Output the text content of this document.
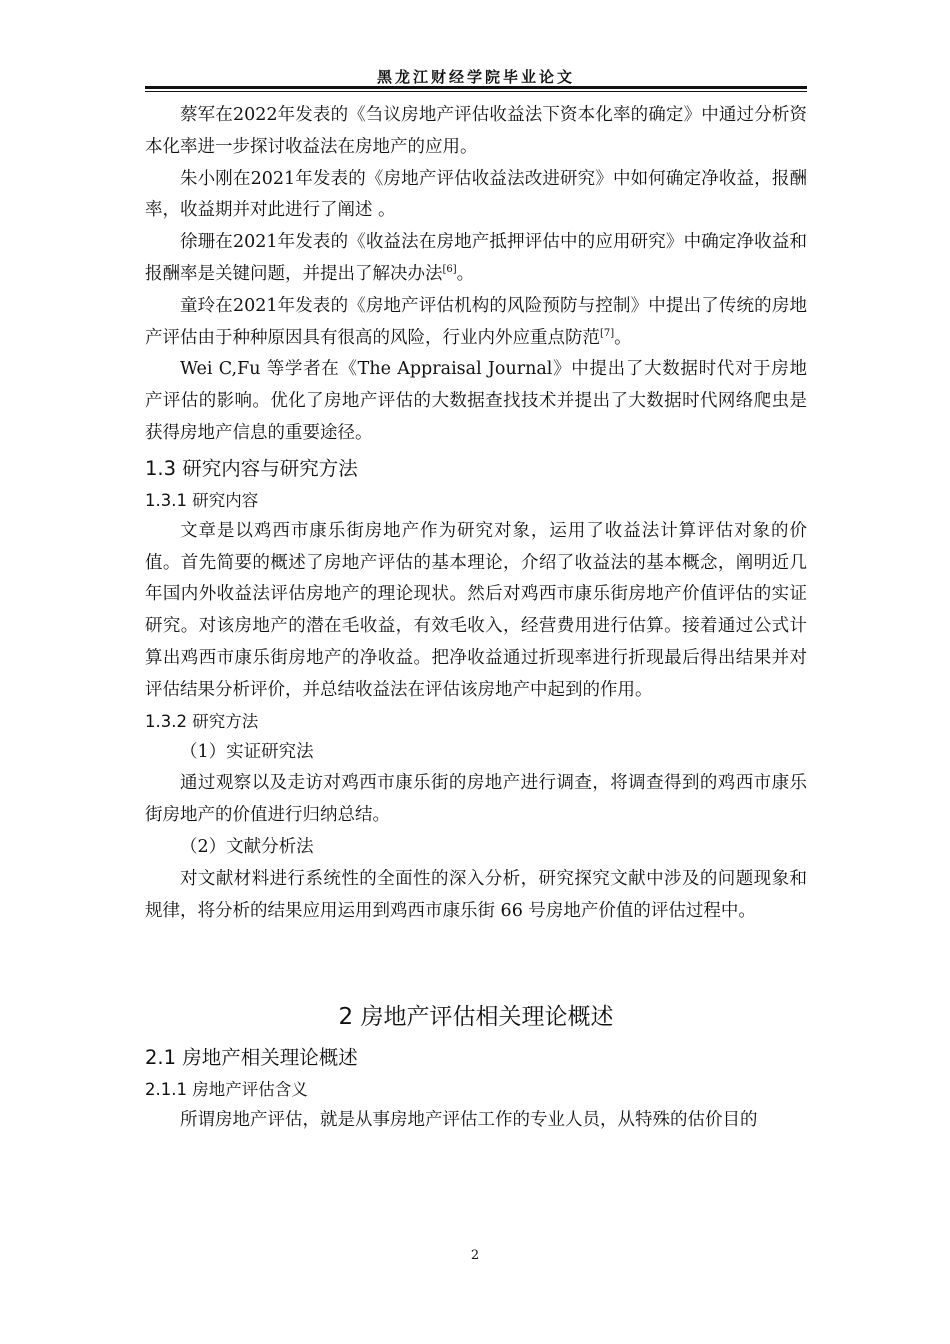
黑龙江财经学院毕业论文

蔡军在2022年发表的《刍议房地产评估收益法下资本化率的确定》中通过分析资本化率进一步探讨收益法在房地产的应用。

朱小刚在2021年发表的《房地产评估收益法改进研究》中如何确定净收益，报酬率，收益期并对此进行了阐述 。

徐珊在2021年发表的《收益法在房地产抵押评估中的应用研究》中确定净收益和报酬率是关键问题，并提出了解决办法[6]。

童玲在2021年发表的《房地产评估机构的风险预防与控制》中提出了传统的房地产评估由于种种原因具有很高的风险，行业内外应重点防范[7]。

Wei C,Fu 等学者在《The Appraisal Journal》中提出了大数据时代对于房地产评估的影响。优化了房地产评估的大数据查找技术并提出了大数据时代网络爬虫是获得房地产信息的重要途径。

1.3 研究内容与研究方法
1.3.1 研究内容

文章是以鸡西市康乐街房地产作为研究对象，运用了收益法计算评估对象的价值。首先简要的概述了房地产评估的基本理论，介绍了收益法的基本概念，阐明近几年国内外收益法评估房地产的理论现状。然后对鸡西市康乐街房地产价值评估的实证研究。对该房地产的潜在毛收益，有效毛收入，经营费用进行估算。接着通过公式计算出鸡西市康乐街房地产的净收益。把净收益通过折现率进行折现最后得出结果并对评估结果分析评价，并总结收益法在评估该房地产中起到的作用。

1.3.2 研究方法

（1）实证研究法

通过观察以及走访对鸡西市康乐街的房地产进行调查，将调查得到的鸡西市康乐街房地产的价值进行归纳总结。

（2）文献分析法

对文献材料进行系统性的全面性的深入分析，研究探究文献中涉及的问题现象和规律，将分析的结果应用运用到鸡西市康乐街 66 号房地产价值的评估过程中。

2 房地产评估相关理论概述
2.1 房地产相关理论概述
2.1.1 房地产评估含义

所谓房地产评估，就是从事房地产评估工作的专业人员，从特殊的估价目的

2
